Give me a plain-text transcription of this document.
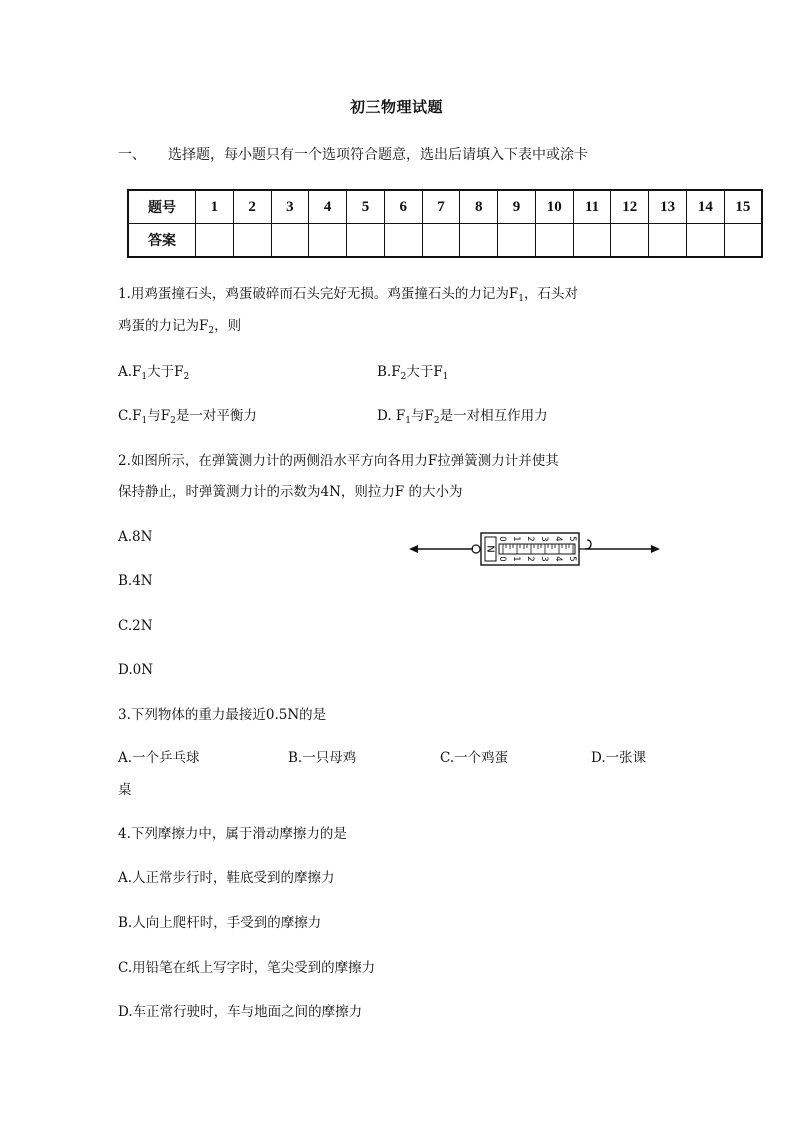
初三物理试题
一、 选择题，每小题只有一个选项符合题意，选出后请填入下表中或涂卡
题号	1	2	3	4	5	6	7	8	9	10	11	12	13	14	15
答案															
1.用鸡蛋撞石头，鸡蛋破碎而石头完好无损。鸡蛋撞石头的力记为$F_1$，石头对
鸡蛋的力记为$F_2$，则
$A.F_1$大于$F_2$	$B.F_2$大于$F_1$
$C.F_1$与$F_2$是一对平衡力	D. $F_1$与$F_2$是一对相互作用力
2.如图所示，在弹簧测力计的两侧沿水平方向各用力F拉弹簧测力计并使其
保持静止，时弹簧测力计的示数为4N，则拉力F 的大小为
A.8N
B.4N
C.2N
D.0N
N
0 1 2 3 4 5
0 1 2 3 4 5
3.下列物体的重力最接近0.5N的是
A.一个乒乓球	B.一只母鸡	C.一个鸡蛋	D.一张课
桌
4.下列摩擦力中，属于滑动摩擦力的是
A.人正常步行时，鞋底受到的摩擦力
B.人向上爬杆时，手受到的摩擦力
C.用铅笔在纸上写字时，笔尖受到的摩擦力
D.车正常行驶时，车与地面之间的摩擦力
